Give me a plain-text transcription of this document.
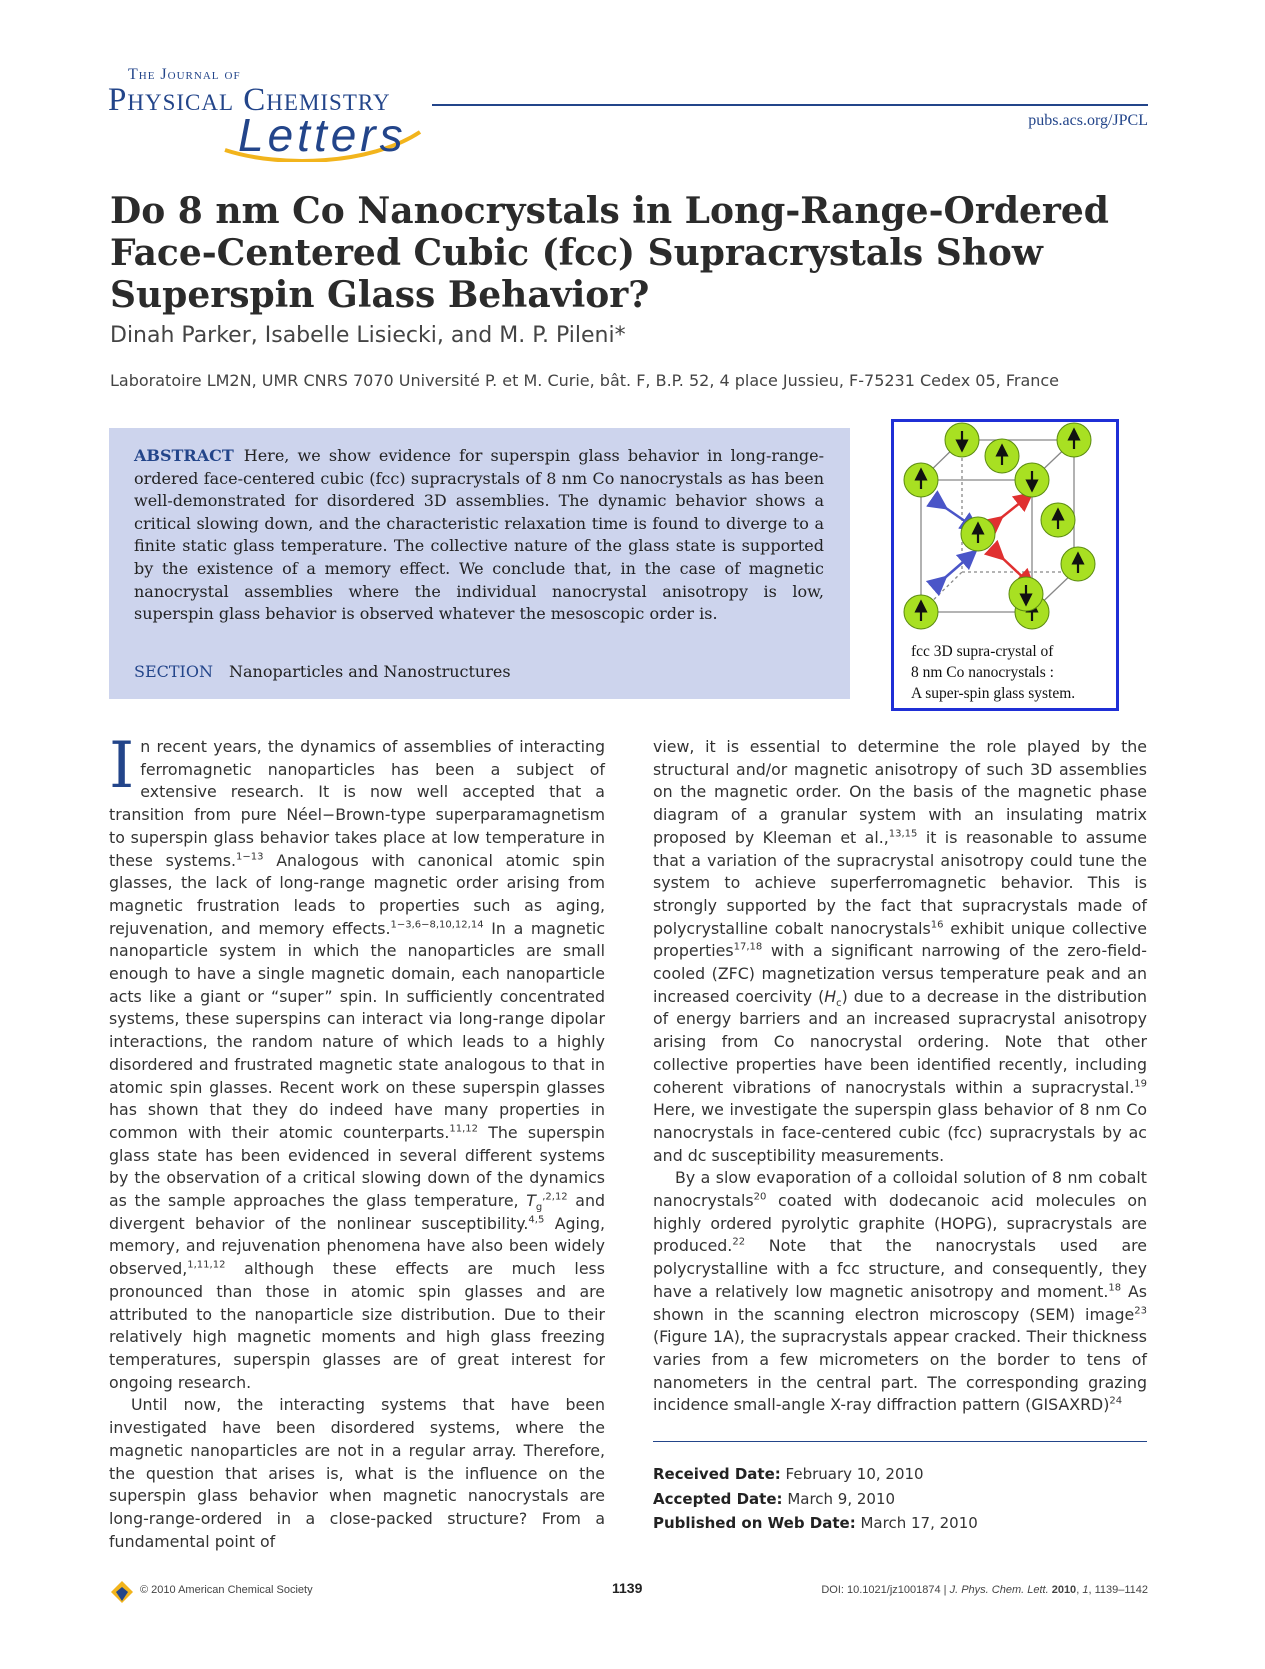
The Journal of
Physical Chemistry
Letters	pubs.acs.org/JPCL
Do 8 nm Co Nanocrystals in Long-Range-Ordered Face-Centered Cubic (fcc) Supracrystals Show Superspin Glass Behavior?
Dinah Parker, Isabelle Lisiecki, and M. P. Pileni*
Laboratoire LM2N, UMR CNRS 7070 Université P. et M. Curie, bât. F, B.P. 52, 4 place Jussieu, F-75231 Cedex 05, France
ABSTRACT Here, we show evidence for superspin glass behavior in long-range-ordered face-centered cubic (fcc) supracrystals of 8 nm Co nanocrystals as has been well-demonstrated for disordered 3D assemblies. The dynamic behavior shows a critical slowing down, and the characteristic relaxation time is found to diverge to a finite static glass temperature. The collective nature of the glass state is supported by the existence of a memory effect. We conclude that, in the case of magnetic nanocrystal assemblies where the individual nanocrystal anisotropy is low, superspin glass behavior is observed whatever the mesoscopic order is.
SECTION Nanoparticles and Nanostructures
fcc 3D supra-crystal of
8 nm Co nanocrystals :
A super-spin glass system.

In recent years, the dynamics of assemblies of interacting ferromagnetic nanoparticles has been a subject of extensive research. It is now well accepted that a transition from pure Néel−Brown-type superparamagnetism to superspin glass behavior takes place at low temperature in these systems.$^{1-13}$ Analogous with canonical atomic spin glasses, the lack of long-range magnetic order arising from magnetic frustration leads to properties such as aging, rejuvenation, and memory effects.$^{1-3,6-8,10,12,14}$ In a magnetic nanoparticle system in which the nanoparticles are small enough to have a single magnetic domain, each nanoparticle acts like a giant or “super” spin. In sufficiently concentrated systems, these superspins can interact via long-range dipolar interactions, the random nature of which leads to a highly disordered and frustrated magnetic state analogous to that in atomic spin glasses. Recent work on these superspin glasses has shown that they do indeed have many properties in common with their atomic counterparts.$^{11,12}$ The superspin glass state has been evidenced in several different systems by the observation of a critical slowing down of the dynamics as the sample approaches the glass temperature, $T_g^{,2,12}$ and divergent behavior of the nonlinear susceptibility.$^{4,5}$ Aging, memory, and rejuvenation phenomena have also been widely observed,$^{1,11,12}$ although these effects are much less pronounced than those in atomic spin glasses and are attributed to the nanoparticle size distribution. Due to their relatively high magnetic moments and high glass freezing temperatures, superspin glasses are of great interest for ongoing research.

Until now, the interacting systems that have been investigated have been disordered systems, where the magnetic nanoparticles are not in a regular array. Therefore, the question that arises is, what is the influence on the superspin glass behavior when magnetic nanocrystals are long-range-ordered in a close-packed structure? From a fundamental point of

view, it is essential to determine the role played by the structural and/or magnetic anisotropy of such 3D assemblies on the magnetic order. On the basis of the magnetic phase diagram of a granular system with an insulating matrix proposed by Kleeman et al.,$^{13,15}$ it is reasonable to assume that a variation of the supracrystal anisotropy could tune the system to achieve superferromagnetic behavior. This is strongly supported by the fact that supracrystals made of polycrystalline cobalt nanocrystals$^{16}$ exhibit unique collective properties$^{17,18}$ with a significant narrowing of the zero-field-cooled (ZFC) magnetization versus temperature peak and an increased coercivity $(H_c)$ due to a decrease in the distribution of energy barriers and an increased supracrystal anisotropy arising from Co nanocrystal ordering. Note that other collective properties have been identified recently, including coherent vibrations of nanocrystals within a supracrystal.$^{19}$ Here, we investigate the superspin glass behavior of 8 nm Co nanocrystals in face-centered cubic (fcc) supracrystals by ac and dc susceptibility measurements.

By a slow evaporation of a colloidal solution of 8 nm cobalt nanocrystals$^{20}$ coated with dodecanoic acid molecules on highly ordered pyrolytic graphite (HOPG), supracrystals are produced.$^{22}$ Note that the nanocrystals used are polycrystalline with a fcc structure, and consequently, they have a relatively low magnetic anisotropy and moment.$^{18}$ As shown in the scanning electron microscopy (SEM) image$^{23}$ (Figure 1A), the supracrystals appear cracked. Their thickness varies from a few micrometers on the border to tens of nanometers in the central part. The corresponding grazing incidence small-angle X-ray diffraction pattern (GISAXRD)$^{24}$

Received Date: February 10, 2010
Accepted Date: March 9, 2010
Published on Web Date: March 17, 2010
© 2010 American Chemical Society	1139	DOI: 10.1021/jz1001874 | J. Phys. Chem. Lett. 2010, 1, 1139–1142
